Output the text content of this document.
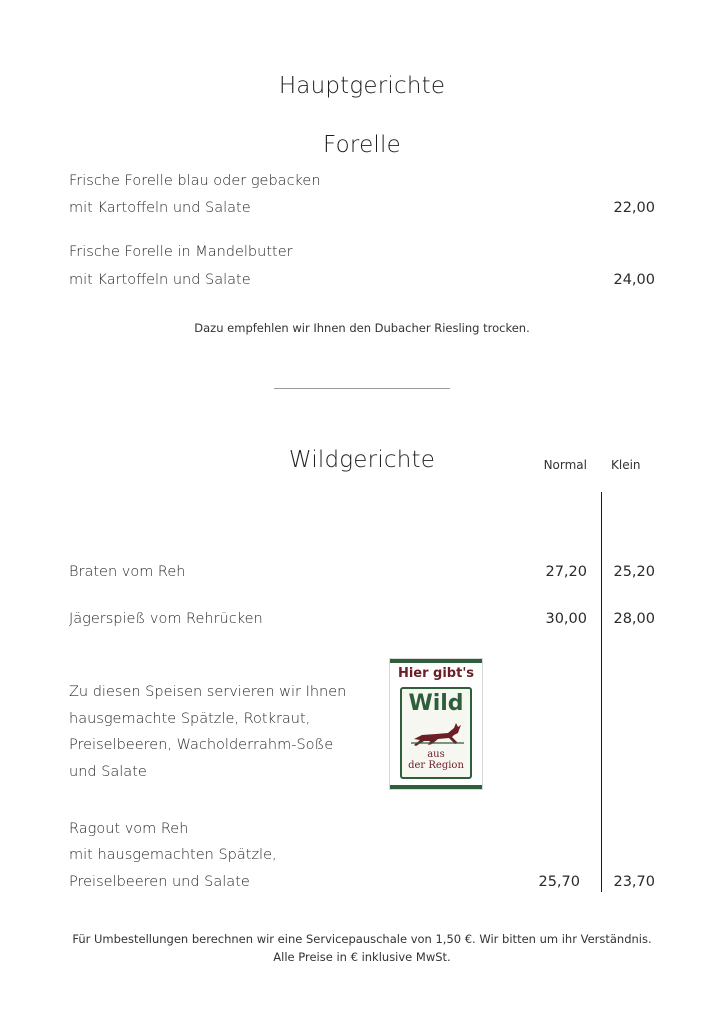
Hauptgerichte
Forelle
Frische Forelle blau oder gebacken
mit Kartoffeln und Salate	22,00
Frische Forelle in Mandelbutter
mit Kartoffeln und Salate	24,00
Dazu empfehlen wir Ihnen den Dubacher Riesling trocken.
Wildgerichte	Normal Klein
Braten vom Reh	27,20	25,20
Jägerspieß vom Rehrücken	30,00	28,00
Zu diesen Speisen servieren wir Ihnen
hausgemachte Spätzle, Rotkraut,
Preiselbeeren, Wacholderrahm-Soße
und Salate
Hier gibt's
Wild
aus
der Region
Ragout vom Reh
mit hausgemachten Spätzle,
Preiselbeeren und Salate	25,70	23,70
Für Umbestellungen berechnen wir eine Servicepauschale von 1,50 €. Wir bitten um ihr Verständnis.
Alle Preise in € inklusive MwSt.
